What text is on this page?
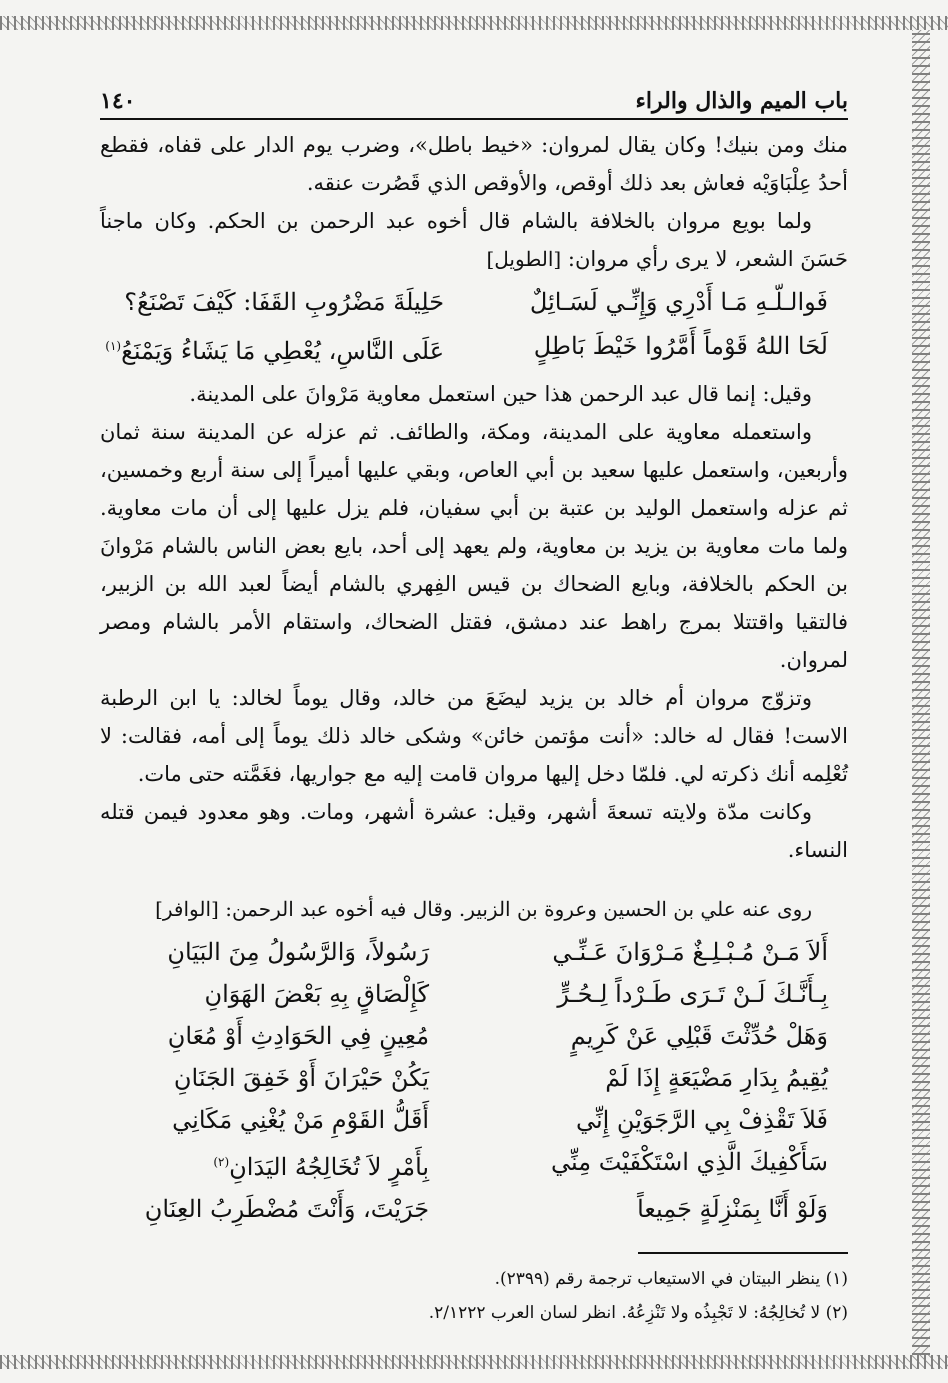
باب الميم والذال والراء
١٤٠

منك ومن بنيك! وكان يقال لمروان: «خيط باطل»، وضرب يوم الدار على قفاه، فقطع أحدُ عِلْبَاوَيْه فعاش بعد ذلك أوقص، والأوقص الذي قَصُرت عنقه.

ولما بويع مروان بالخلافة بالشام قال أخوه عبد الرحمن بن الحكم. وكان ماجناً حَسَنَ الشعر، لا يرى رأي مروان: [الطويل]

فَوالـلّـهِ مَـا أَدْرِي وَإِنِّـي لَسَـائِلٌ
حَلِيلَةَ مَضْرُوبِ القَفَا: كَيْفَ تَصْنَعُ؟
لَحَا اللهُ قَوْماً أَمَّرُوا خَيْطَ بَاطِلٍ
عَلَى النَّاسِ، يُعْطِي مَا يَشَاءُ وَيَمْنَعُ$^{(١)}$

وقيل: إنما قال عبد الرحمن هذا حين استعمل معاوية مَرْوانَ على المدينة.

واستعمله معاوية على المدينة، ومكة، والطائف. ثم عزله عن المدينة سنة ثمان وأربعين، واستعمل عليها سعيد بن أبي العاص، وبقي عليها أميراً إلى سنة أربع وخمسين، ثم عزله واستعمل الوليد بن عتبة بن أبي سفيان، فلم يزل عليها إلى أن مات معاوية. ولما مات معاوية بن يزيد بن معاوية، ولم يعهد إلى أحد، بايع بعض الناس بالشام مَرْوانَ بن الحكم بالخلافة، وبايع الضحاك بن قيس الفِهري بالشام أيضاً لعبد الله بن الزبير، فالتقيا واقتتلا بمرج راهط عند دمشق، فقتل الضحاك، واستقام الأمر بالشام ومصر لمروان.

وتزوّج مروان أم خالد بن يزيد ليضَعَ من خالد، وقال يوماً لخالد: يا ابن الرطبة الاست! فقال له خالد: «أنت مؤتمن خائن» وشكى خالد ذلك يوماً إلى أمه، فقالت: لا تُعْلِمه أنك ذكرته لي. فلمّا دخل إليها مروان قامت إليه مع جواريها، فغَمَّته حتى مات.

وكانت مدّة ولايته تسعةَ أشهر، وقيل: عشرة أشهر، ومات. وهو معدود فيمن قتله النساء.

روى عنه علي بن الحسين وعروة بن الزبير. وقال فيه أخوه عبد الرحمن: [الوافر]

أَلاَ مَـنْ مُـبْـلِـغٌ مَـرْوَانَ عَـنِّـي
رَسُولاً، وَالرَّسُولُ مِنَ البَيَانِ
بِـأَنَّـكَ لَـنْ تَـرَى طَـرْداً لِـحُـرٍّ
كَإِلْصَاقٍ بِهِ بَعْضَ الهَوَانِ
وَهَلْ حُدِّثْتَ قَبْلِي عَنْ كَرِيمٍ
مُعِينٍ فِي الحَوَادِثِ أَوْ مُعَانِ
يُقِيمُ بِدَارِ مَضْيَعَةٍ إِذَا لَمْ
يَكُنْ حَيْرَانَ أَوْ خَفِقَ الجَنَانِ
فَلاَ تَقْذِفْ بِي الرَّجَوَيْنِ إِنِّي
أَقَلُّ القَوْمِ مَنْ يُغْنِي مَكَانِي
سَأَكْفِيكَ الَّذِي اسْتَكْفَيْتَ مِنِّي
بِأَمْرٍ لاَ تُخَالِجُهُ اليَدَانِ$^{(٢)}$
وَلَوْ أَنَّا بِمَنْزِلَةٍ جَمِيعاً
جَرَيْتَ، وَأَنْتَ مُضْطَرِبُ العِنَانِ
(١) ينظر البيتان في الاستيعاب ترجمة رقم (٢٣٩٩).
(٢) لا تُخالِجُهُ: لا تَجْبِذُه ولا تَنْزِعُهُ. انظر لسان العرب ٢/١٢٢٢.
